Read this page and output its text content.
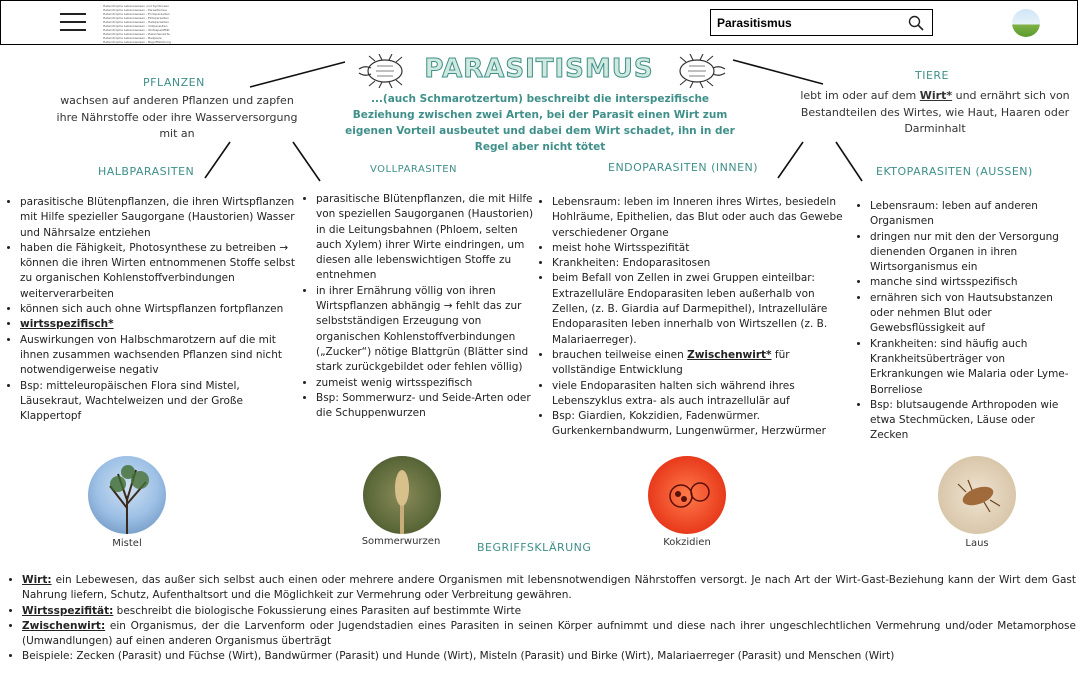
Heterotrophe Lebensweisen und Symbiosen
Heterotrophe Lebensweisen - Parasitismus
Heterotrophe Lebensweisen - Endoparasiten
Heterotrophe Lebensweisen - Ektoparasiten
Heterotrophe Lebensweisen - Halbparasiten
Heterotrophe Lebensweisen - Vollparasiten
Heterotrophe Lebensweisen - Wirtsspezifität
Heterotrophe Lebensweisen - Zwischenwirte
Heterotrophe Lebensweisen - Beispiele
Heterotrophe Lebensweisen - Begriffsklärung
Parasitismus
PARASITISMUS
...(auch Schmarotzertum) beschreibt die interspezifische Beziehung zwischen zwei Arten, bei der Parasit einen Wirt zum eigenen Vorteil ausbeutet und dabei dem Wirt schadet, ihn in der Regel aber nicht tötet
PFLANZEN
wachsen auf anderen Pflanzen und zapfen ihre Nährstoffe oder ihre Wasserversorgung mit an
TIERE
lebt im oder auf dem Wirt* und ernährt sich von Bestandteilen des Wirtes, wie Haut, Haaren oder Darminhalt
HALBPARASITEN	VOLLPARASITEN	ENDOPARASITEN (INNEN)	EKTOPARASITEN (AUSSEN)
• parasitische Blütenpflanzen, die ihren Wirtspflanzen mit Hilfe spezieller Saugorgane (Haustorien) Wasser und Nährsalze entziehen
• haben die Fähigkeit, Photosynthese zu betreiben → können die ihren Wirten entnommenen Stoffe selbst zu organischen Kohlenstoffverbindungen weiterverarbeiten
• können sich auch ohne Wirtspflanzen fortpflanzen
• wirtsspezifisch*
• Auswirkungen von Halbschmarotzern auf die mit ihnen zusammen wachsenden Pflanzen sind nicht notwendigerweise negativ
• Bsp: mitteleuropäischen Flora sind Mistel, Läusekraut, Wachtelweizen und der Große Klappertopf
• parasitische Blütenpflanzen, die mit Hilfe von speziellen Saugorganen (Haustorien) in die Leitungsbahnen (Phloem, selten auch Xylem) ihrer Wirte eindringen, um diesen alle lebenswichtigen Stoffe zu entnehmen
• in ihrer Ernährung völlig von ihren Wirtspflanzen abhängig → fehlt das zur selbstständigen Erzeugung von organischen Kohlenstoffverbindungen („Zucker“) nötige Blattgrün (Blätter sind stark zurückgebildet oder fehlen völlig)
• zumeist wenig wirtsspezifisch
• Bsp: Sommerwurz- und Seide-Arten oder die Schuppenwurzen
• Lebensraum: leben im Inneren ihres Wirtes, besiedeln Hohlräume, Epithelien, das Blut oder auch das Gewebe verschiedener Organe
• meist hohe Wirtsspezifität
• Krankheiten: Endoparasitosen
• beim Befall von Zellen in zwei Gruppen einteilbar: Extrazelluläre Endoparasiten leben außerhalb von Zellen, (z. B. Giardia auf Darmepithel), Intrazelluläre Endoparasiten leben innerhalb von Wirtszellen (z. B. Malariaerreger).
• brauchen teilweise einen Zwischenwirt* für vollständige Entwicklung
• viele Endoparasiten halten sich während ihres Lebenszyklus extra- als auch intrazellulär auf
• Bsp: Giardien, Kokzidien, Fadenwürmer. Gurkenkernbandwurm, Lungenwürmer, Herzwürmer
• Lebensraum: leben auf anderen Organismen
• dringen nur mit den der Versorgung dienenden Organen in ihren Wirtsorganismus ein
• manche sind wirtsspezifisch
• ernähren sich von Hautsubstanzen oder nehmen Blut oder Gewebsflüssigkeit auf
• Krankheiten: sind häufig auch Krankheitsüberträger von Erkrankungen wie Malaria oder Lyme-Borreliose
• Bsp: blutsaugende Arthropoden wie etwa Stechmücken, Läuse oder Zecken
Mistel	Sommerwurzen	Kokzidien	Laus
BEGRIFFSKLÄRUNG
• Wirt: ein Lebewesen, das außer sich selbst auch einen oder mehrere andere Organismen mit lebensnotwendigen Nährstoffen versorgt. Je nach Art der Wirt-Gast-Beziehung kann der Wirt dem Gast Nahrung liefern, Schutz, Aufenthaltsort und die Möglichkeit zur Vermehrung oder Verbreitung gewähren.
• Wirtsspezifität: beschreibt die biologische Fokussierung eines Parasiten auf bestimmte Wirte
• Zwischenwirt: ein Organismus, der die Larvenform oder Jugendstadien eines Parasiten in seinen Körper aufnimmt und diese nach ihrer ungeschlechtlichen Vermehrung und/oder Metamorphose (Umwandlungen) auf einen anderen Organismus überträgt
• Beispiele: Zecken (Parasit) und Füchse (Wirt), Bandwürmer (Parasit) und Hunde (Wirt), Misteln (Parasit) und Birke (Wirt), Malariaerreger (Parasit) und Menschen (Wirt)
